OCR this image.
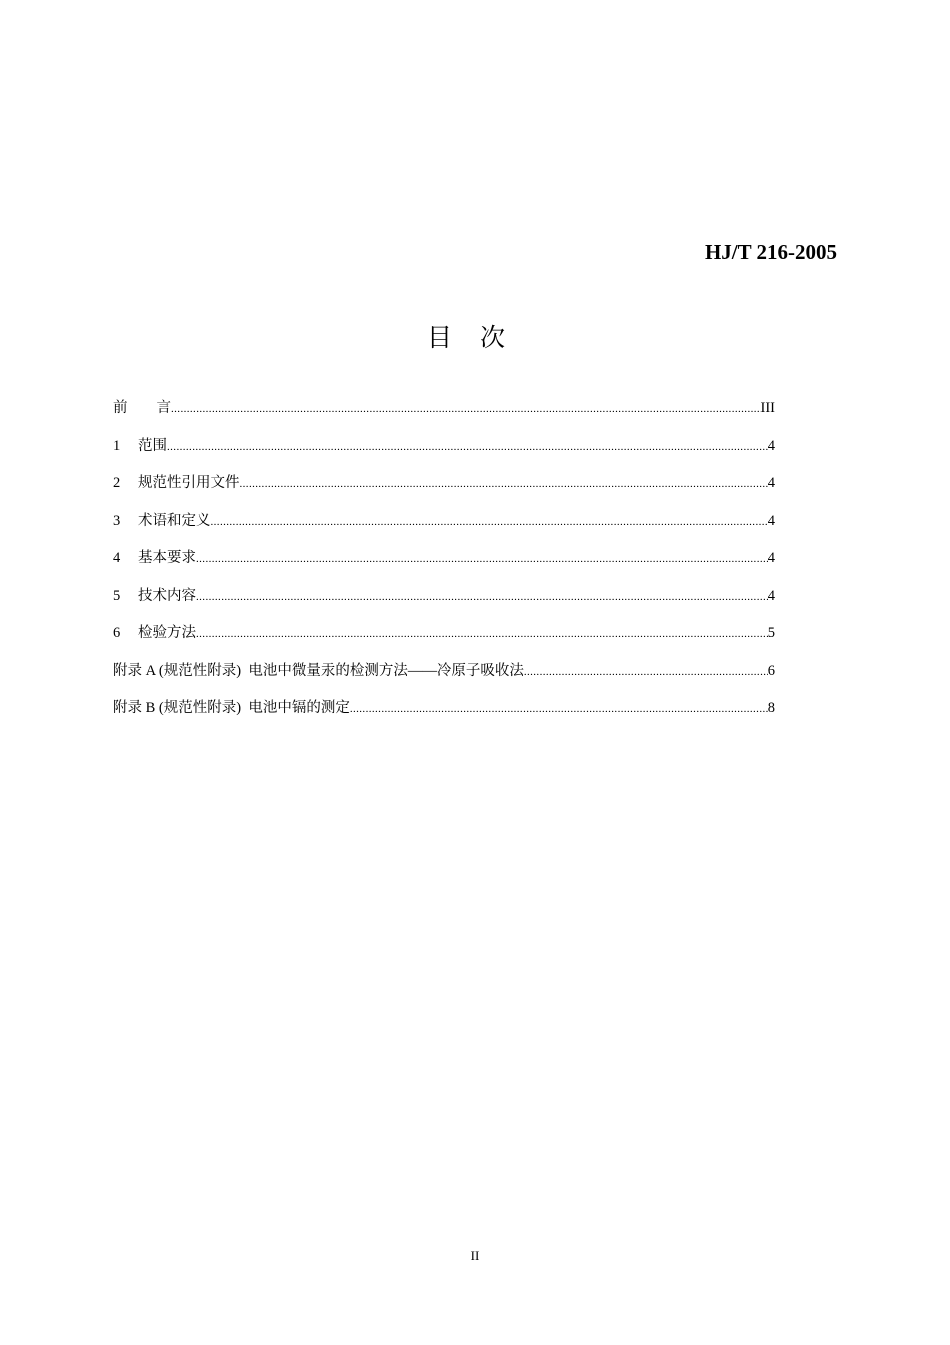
HJ/T 216-2005
目 次
前　　言 .....	III
1	范围 .....	4
2	规范性引用文件 .....	4
3	术语和定义 .....	4
4	基本要求 .....	4
5	技术内容 .....	4
6	检验方法 .....	5
附录 A (规范性附录)  电池中微量汞的检测方法——冷原子吸收法 .....	6
附录 B (规范性附录)  电池中镉的测定 .....	8
II
